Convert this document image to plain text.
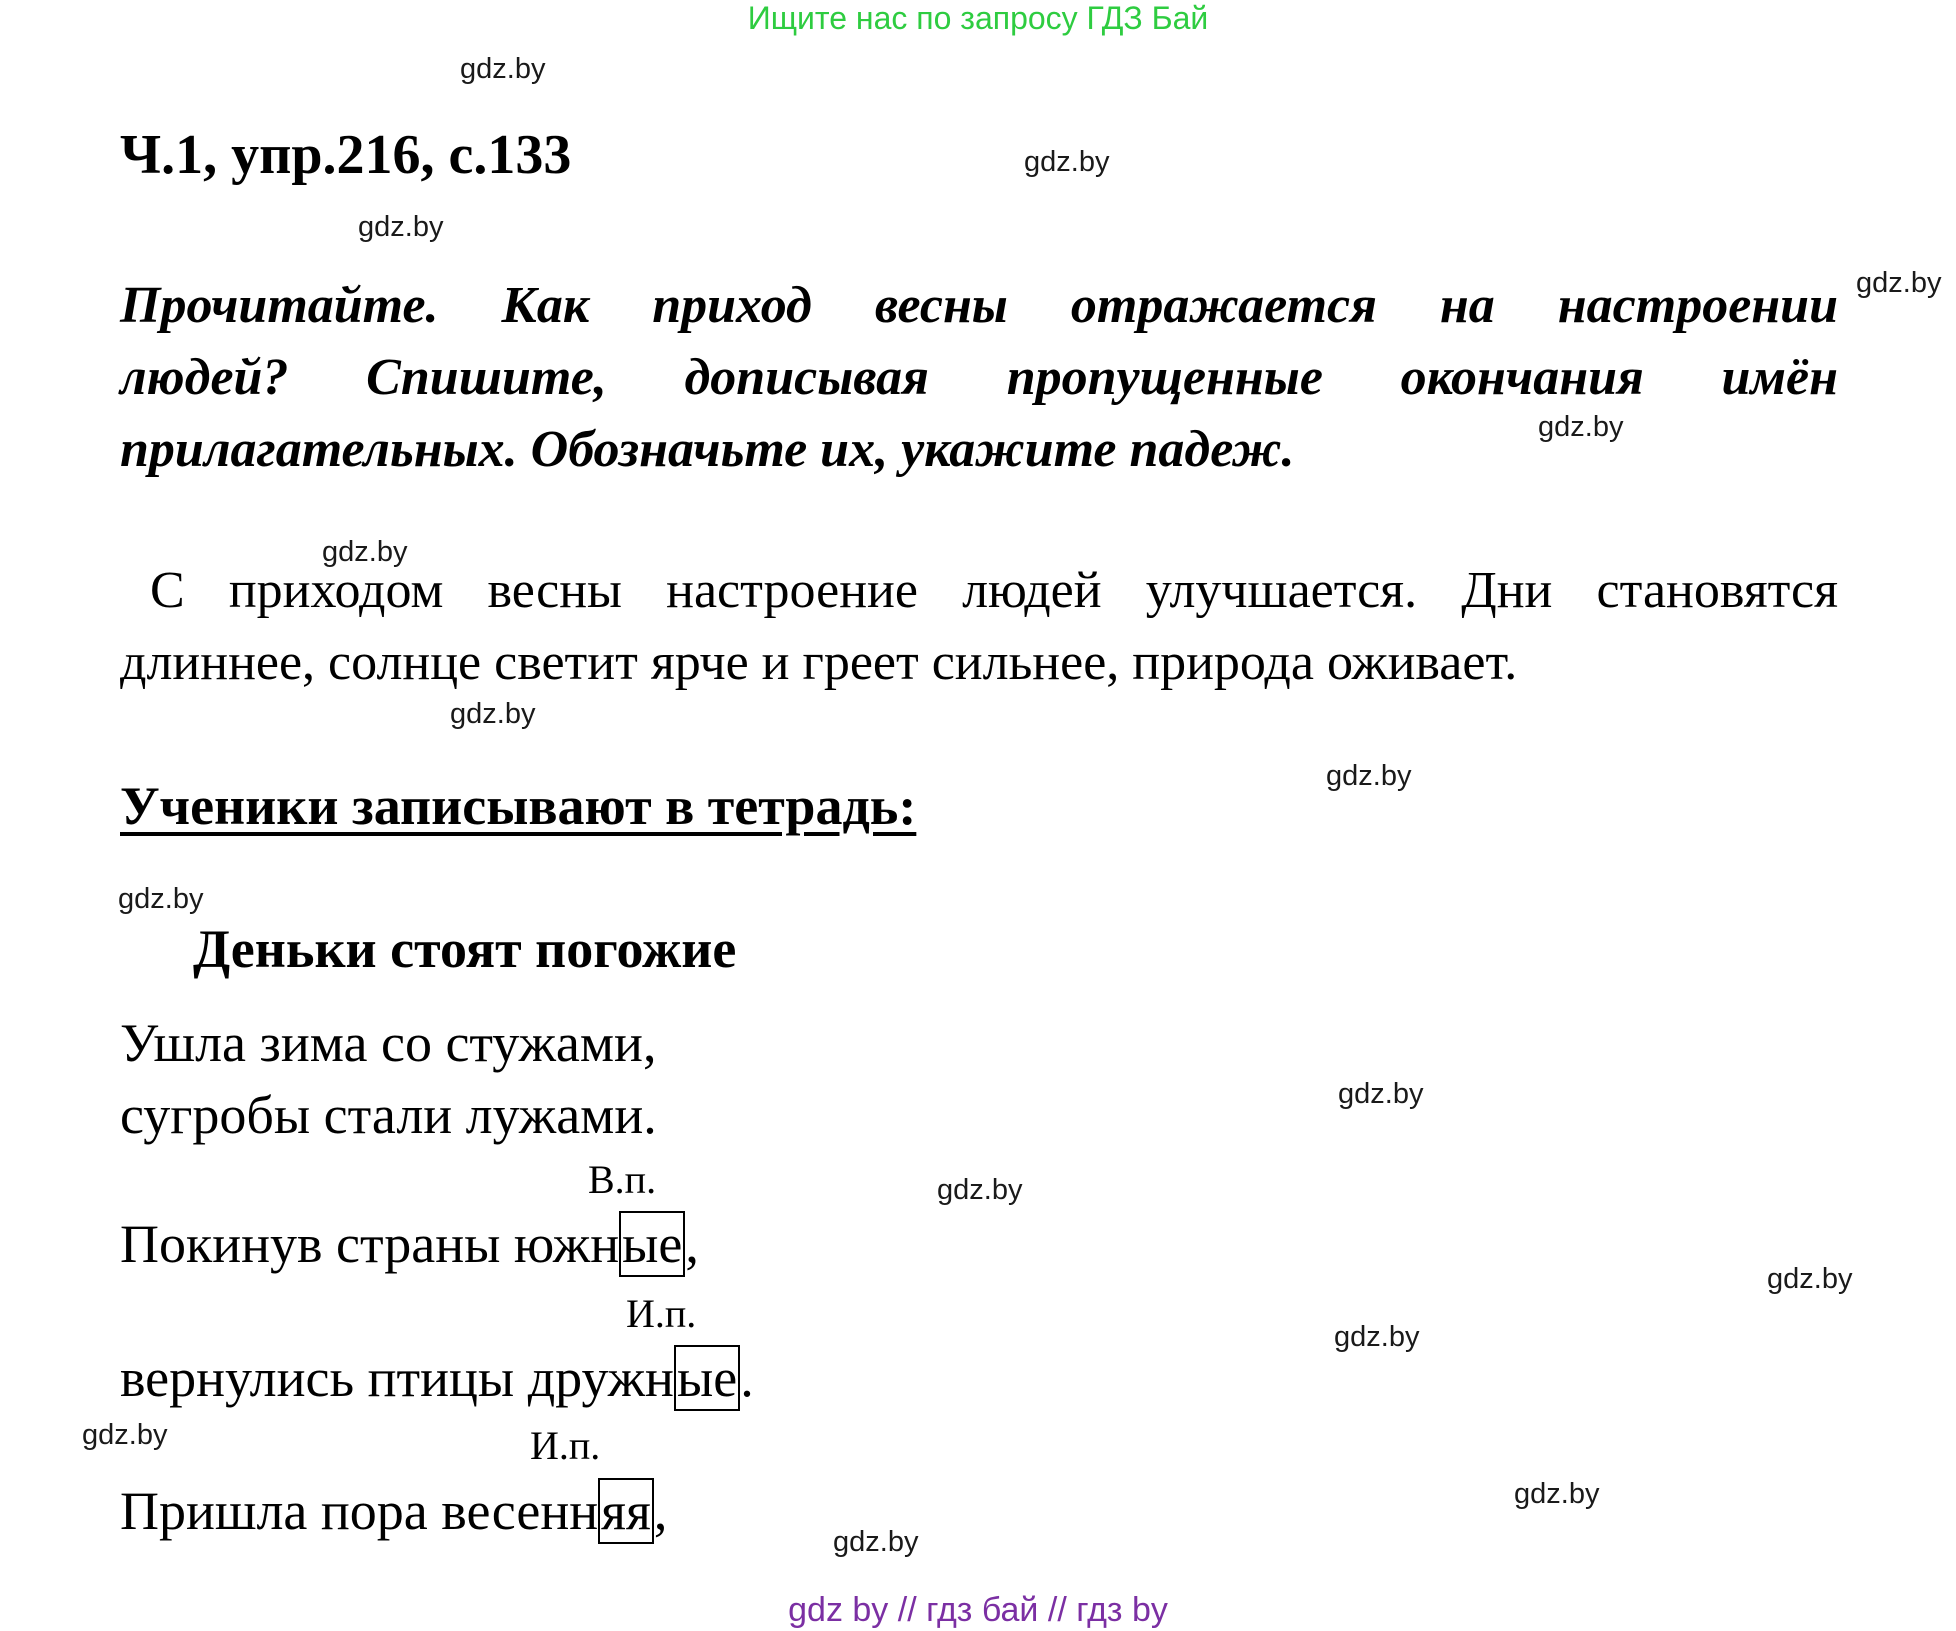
Ищите нас по запросу ГДЗ Бай
gdz.by
gdz.by
gdz.by
gdz.by
gdz.by
gdz.by
gdz.by
gdz.by
gdz.by
gdz.by
gdz.by
gdz.by
gdz.by
gdz.by
gdz.by
gdz.by
Ч.1, упр.216, с.133
Прочитайте. Как приход весны отражается на настроении
людей? Спишите, дописывая пропущенные окончания имён
прилагательных. Обозначьте их, укажите падеж.
С приходом весны настроение людей улучшается. Дни становятся
длиннее, солнце светит ярче и греет сильнее, природа оживает.
Ученики записывают в тетрадь:
Деньки стоят погожие
Ушла зима со стужами,
сугробы стали лужами.
В.п.
Покинув страны южные,
И.п.
вернулись птицы дружные.
И.п.
Пришла пора весенняя,
gdz by // гдз бай // гдз by
